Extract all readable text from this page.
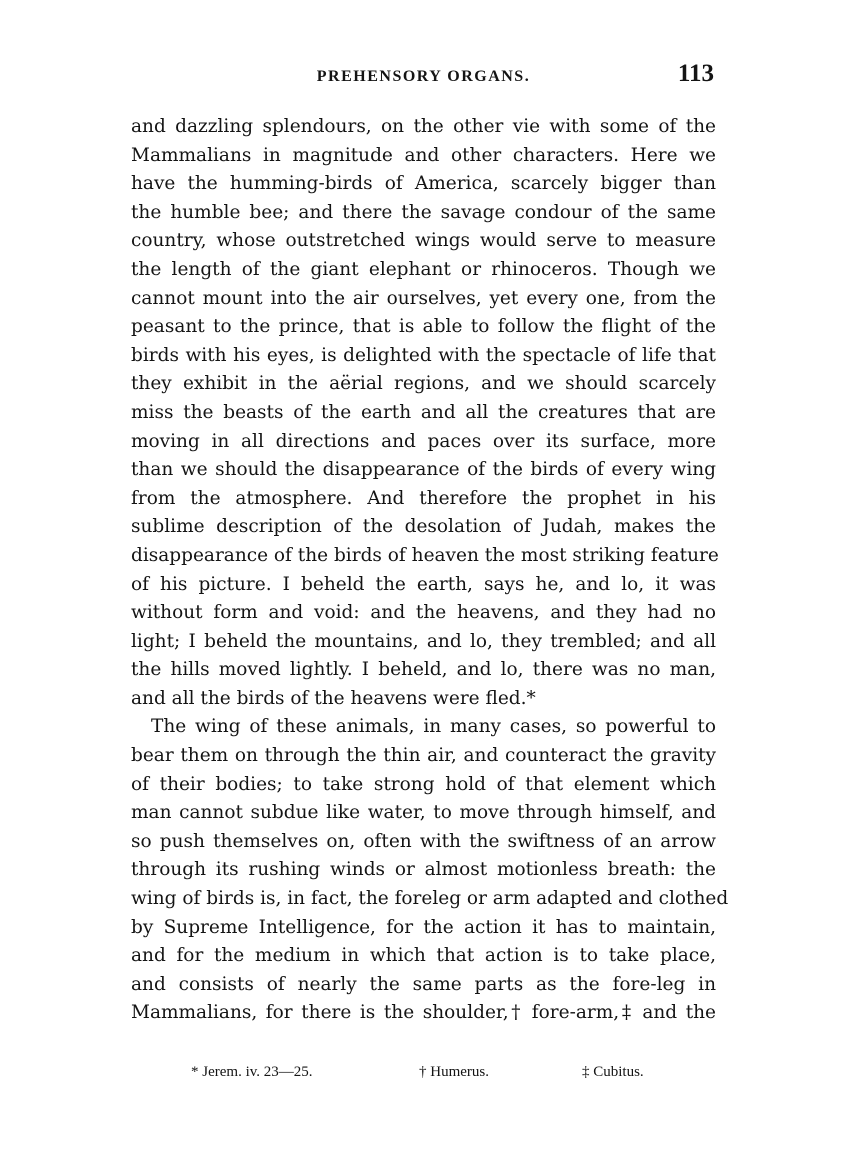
PREHENSORY ORGANS.	113
and dazzling splendours, on the other vie with some of the
Mammalians in magnitude and other characters. Here we
have the humming-birds of America, scarcely bigger than
the humble bee; and there the savage condour of the same
country, whose outstretched wings would serve to measure
the length of the giant elephant or rhinoceros. Though we
cannot mount into the air ourselves, yet every one, from the
peasant to the prince, that is able to follow the flight of the
birds with his eyes, is delighted with the spectacle of life that
they exhibit in the aërial regions, and we should scarcely
miss the beasts of the earth and all the creatures that are
moving in all directions and paces over its surface, more
than we should the disappearance of the birds of every wing
from the atmosphere. And therefore the prophet in his
sublime description of the desolation of Judah, makes the
disappearance of the birds of heaven the most striking feature
of his picture. I beheld the earth, says he, and lo, it was
without form and void: and the heavens, and they had no
light; I beheld the mountains, and lo, they trembled; and all
the hills moved lightly. I beheld, and lo, there was no man,
and all the birds of the heavens were fled.*
The wing of these animals, in many cases, so powerful to
bear them on through the thin air, and counteract the gravity
of their bodies; to take strong hold of that element which
man cannot subdue like water, to move through himself, and
so push themselves on, often with the swiftness of an arrow
through its rushing winds or almost motionless breath: the
wing of birds is, in fact, the foreleg or arm adapted and clothed
by Supreme Intelligence, for the action it has to maintain,
and for the medium in which that action is to take place,
and consists of nearly the same parts as the fore-leg in
Mammalians, for there is the shoulder,† fore-arm,‡ and the
* Jerem. iv. 23—25.	† Humerus.	‡ Cubitus.
